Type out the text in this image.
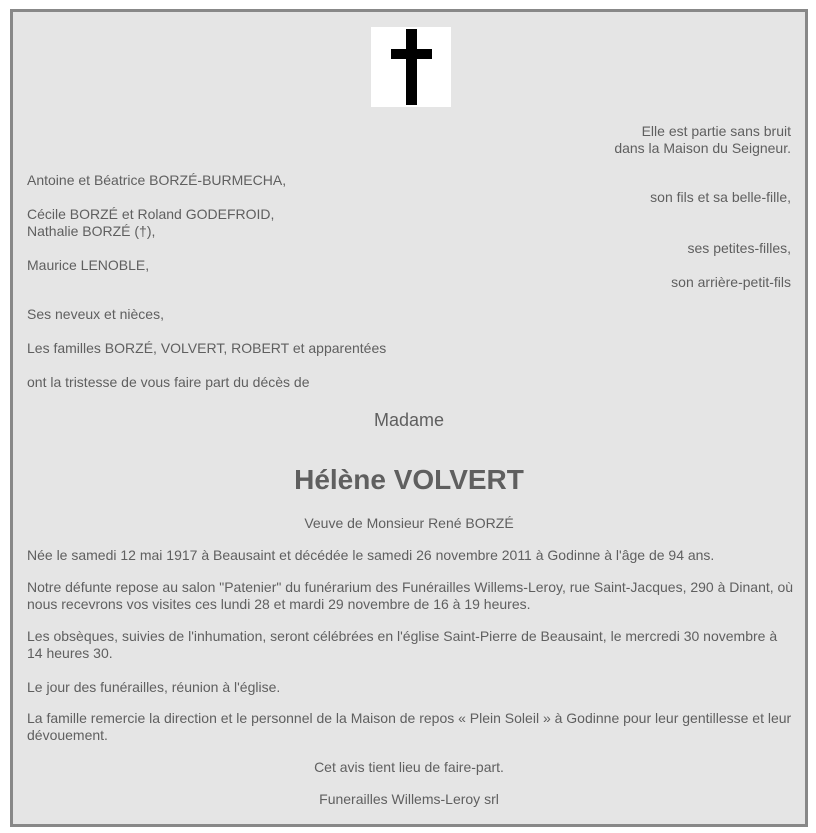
Elle est partie sans bruit
dans la Maison du Seigneur.
Antoine et Béatrice BORZÉ-BURMECHA,
son fils et sa belle-fille,
Cécile BORZÉ et Roland GODEFROID,
Nathalie BORZÉ (†),
ses petites-filles,
Maurice LENOBLE,
son arrière-petit-fils
Ses neveux et nièces,
Les familles BORZÉ, VOLVERT, ROBERT et apparentées
ont la tristesse de vous faire part du décès de
Madame
Hélène VOLVERT
Veuve de Monsieur René BORZÉ
Née le samedi 12 mai 1917 à Beausaint et décédée le samedi 26 novembre 2011 à Godinne à l'âge de 94 ans.
Notre défunte repose au salon "Patenier" du funérarium des Funérailles Willems-Leroy, rue Saint-Jacques, 290 à Dinant, où nous recevrons vos visites ces lundi 28 et mardi 29 novembre de 16 à 19 heures.
Les obsèques, suivies de l'inhumation, seront célébrées en l'église Saint-Pierre de Beausaint, le mercredi 30 novembre à 14 heures 30.
Le jour des funérailles, réunion à l'église.
La famille remercie la direction et le personnel de la Maison de repos « Plein Soleil » à Godinne pour leur gentillesse et leur dévouement.
Cet avis tient lieu de faire-part.
Funerailles Willems-Leroy srl
